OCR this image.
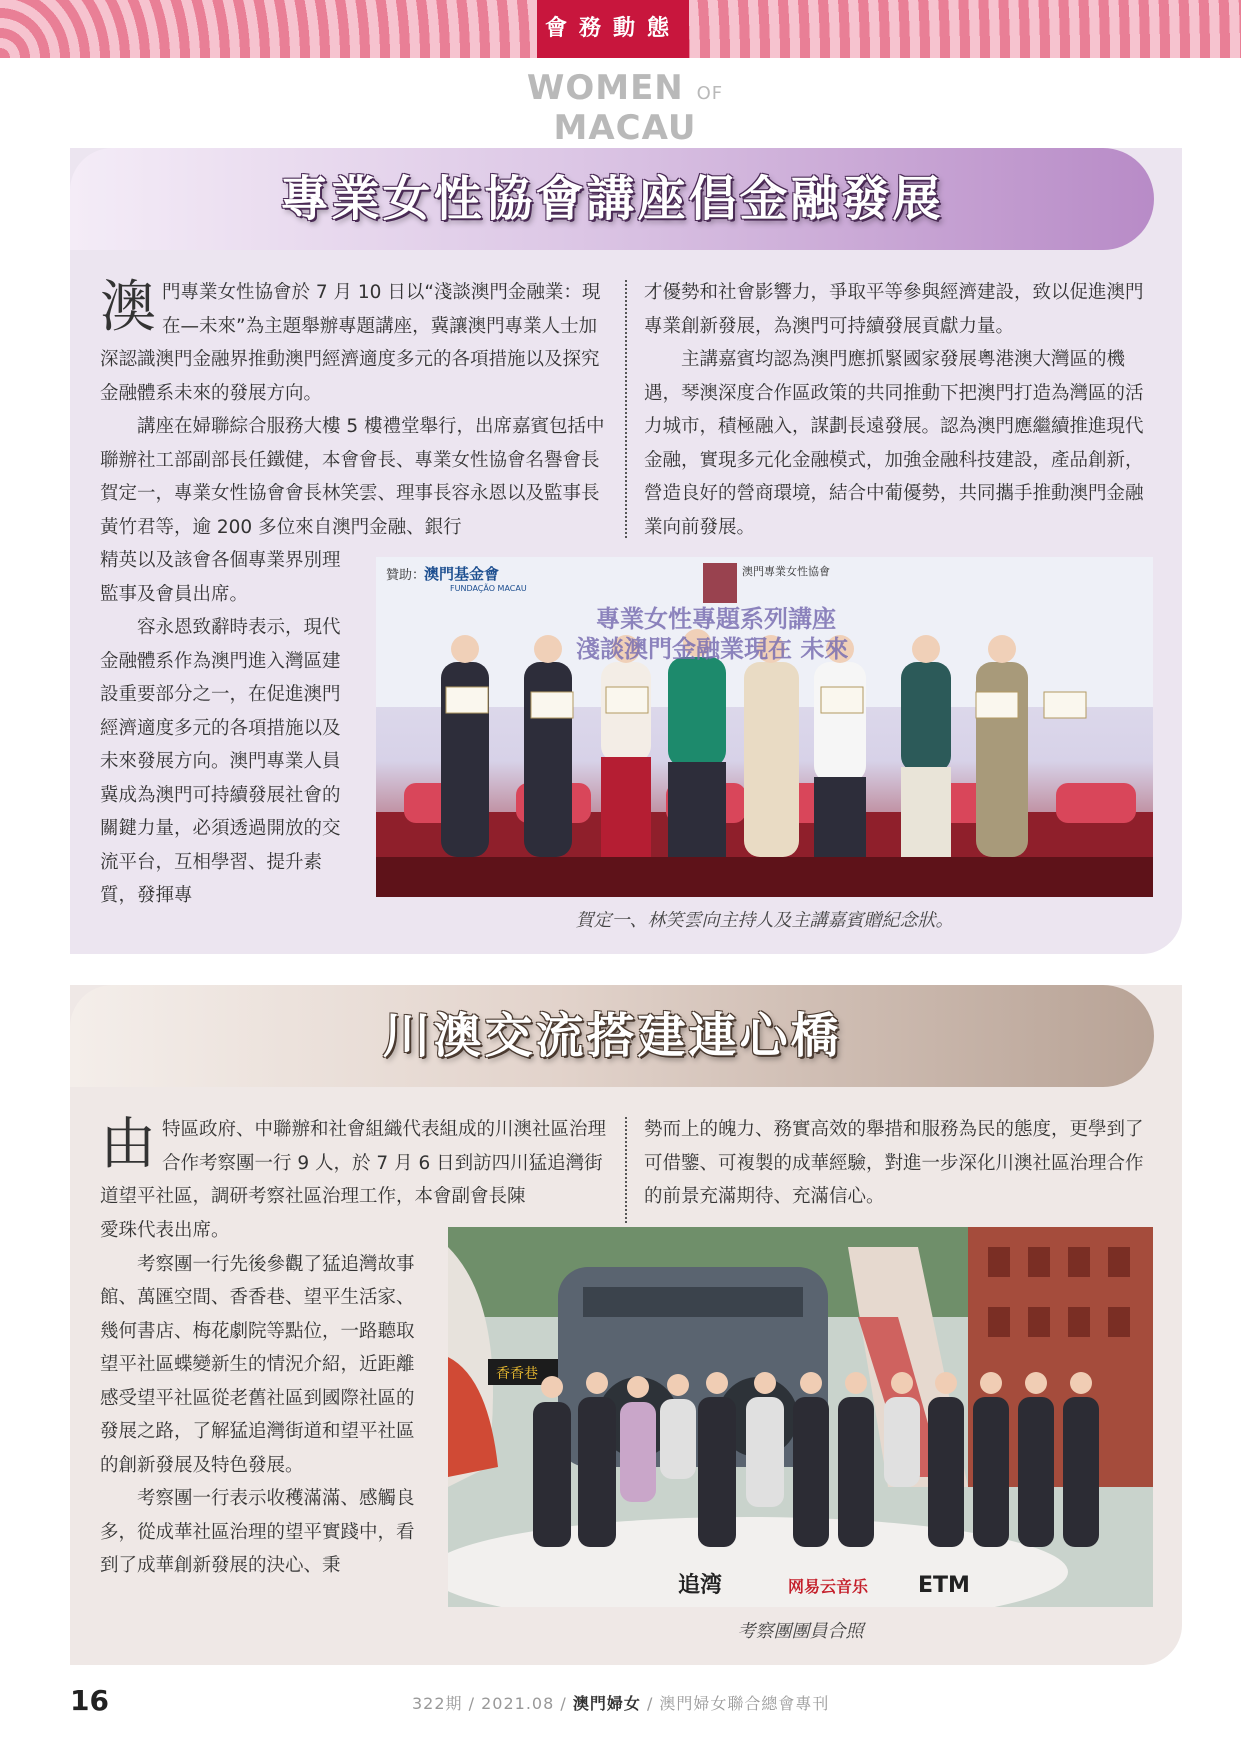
會務動態
WOMEN OF MACAU
專業女性協會講座倡金融發展

澳門專業女性協會於 7 月 10 日以“淺談澳門金融業：現在—未來”為主題舉辦專題講座，冀讓澳門專業人士加深認識澳門金融界推動澳門經濟適度多元的各項措施以及探究金融體系未來的發展方向。

講座在婦聯綜合服務大樓 5 樓禮堂舉行，出席嘉賓包括中聯辦社工部副部長任鐵健，本會會長、專業女性協會名譽會長賀定一，專業女性協會會長林笑雲、理事長容永恩以及監事長黃竹君等，逾 200 多位來自澳門金融、銀行

才優勢和社會影響力，爭取平等參與經濟建設，致以促進澳門專業創新發展，為澳門可持續發展貢獻力量。

主講嘉賓均認為澳門應抓緊國家發展粵港澳大灣區的機遇，琴澳深度合作區政策的共同推動下把澳門打造為灣區的活力城市，積極融入，謀劃長遠發展。認為澳門應繼續推進現代金融，實現多元化金融模式，加強金融科技建設，產品創新，營造良好的營商環境，結合中葡優勢，共同攜手推動澳門金融業向前發展。

精英以及該會各個專業界別理監事及會員出席。

容永恩致辭時表示，現代金融體系作為澳門進入灣區建設重要部分之一，在促進澳門經濟適度多元的各項措施以及未來發展方向。澳門專業人員冀成為澳門可持續發展社會的關鍵力量，必須透過開放的交流平台，互相學習、提升素質，發揮專

贊助：
澳門基金會
FUNDAÇÃO MACAU
澳門專業女性協會
專業女性專題系列講座
淺談澳門金融業現在 未來
賀定一、林笑雲向主持人及主講嘉賓贈紀念狀。
川澳交流搭建連心橋

由特區政府、中聯辦和社會組織代表組成的川澳社區治理合作考察團一行 9 人，於 7 月 6 日到訪四川猛追灣街道望平社區，調研考察社區治理工作，本會副會長陳

勢而上的魄力、務實高效的舉措和服務為民的態度，更學到了可借鑒、可複製的成華經驗，對進一步深化川澳社區治理合作的前景充滿期待、充滿信心。

愛珠代表出席。

考察團一行先後參觀了猛追灣故事館、萬匯空間、香香巷、望平生活家、幾何書店、梅花劇院等點位，一路聽取望平社區蝶變新生的情況介紹，近距離感受望平社區從老舊社區到國際社區的發展之路，了解猛追灣街道和望平社區的創新發展及特色發展。

考察團一行表示收穫滿滿、感觸良多，從成華社區治理的望平實踐中，看到了成華創新發展的決心、秉

香香巷
追湾	网易云音乐 ETM
考察團團員合照
16	322期 / 2021.08 / 澳門婦女 / 澳門婦女聯合總會專刊
